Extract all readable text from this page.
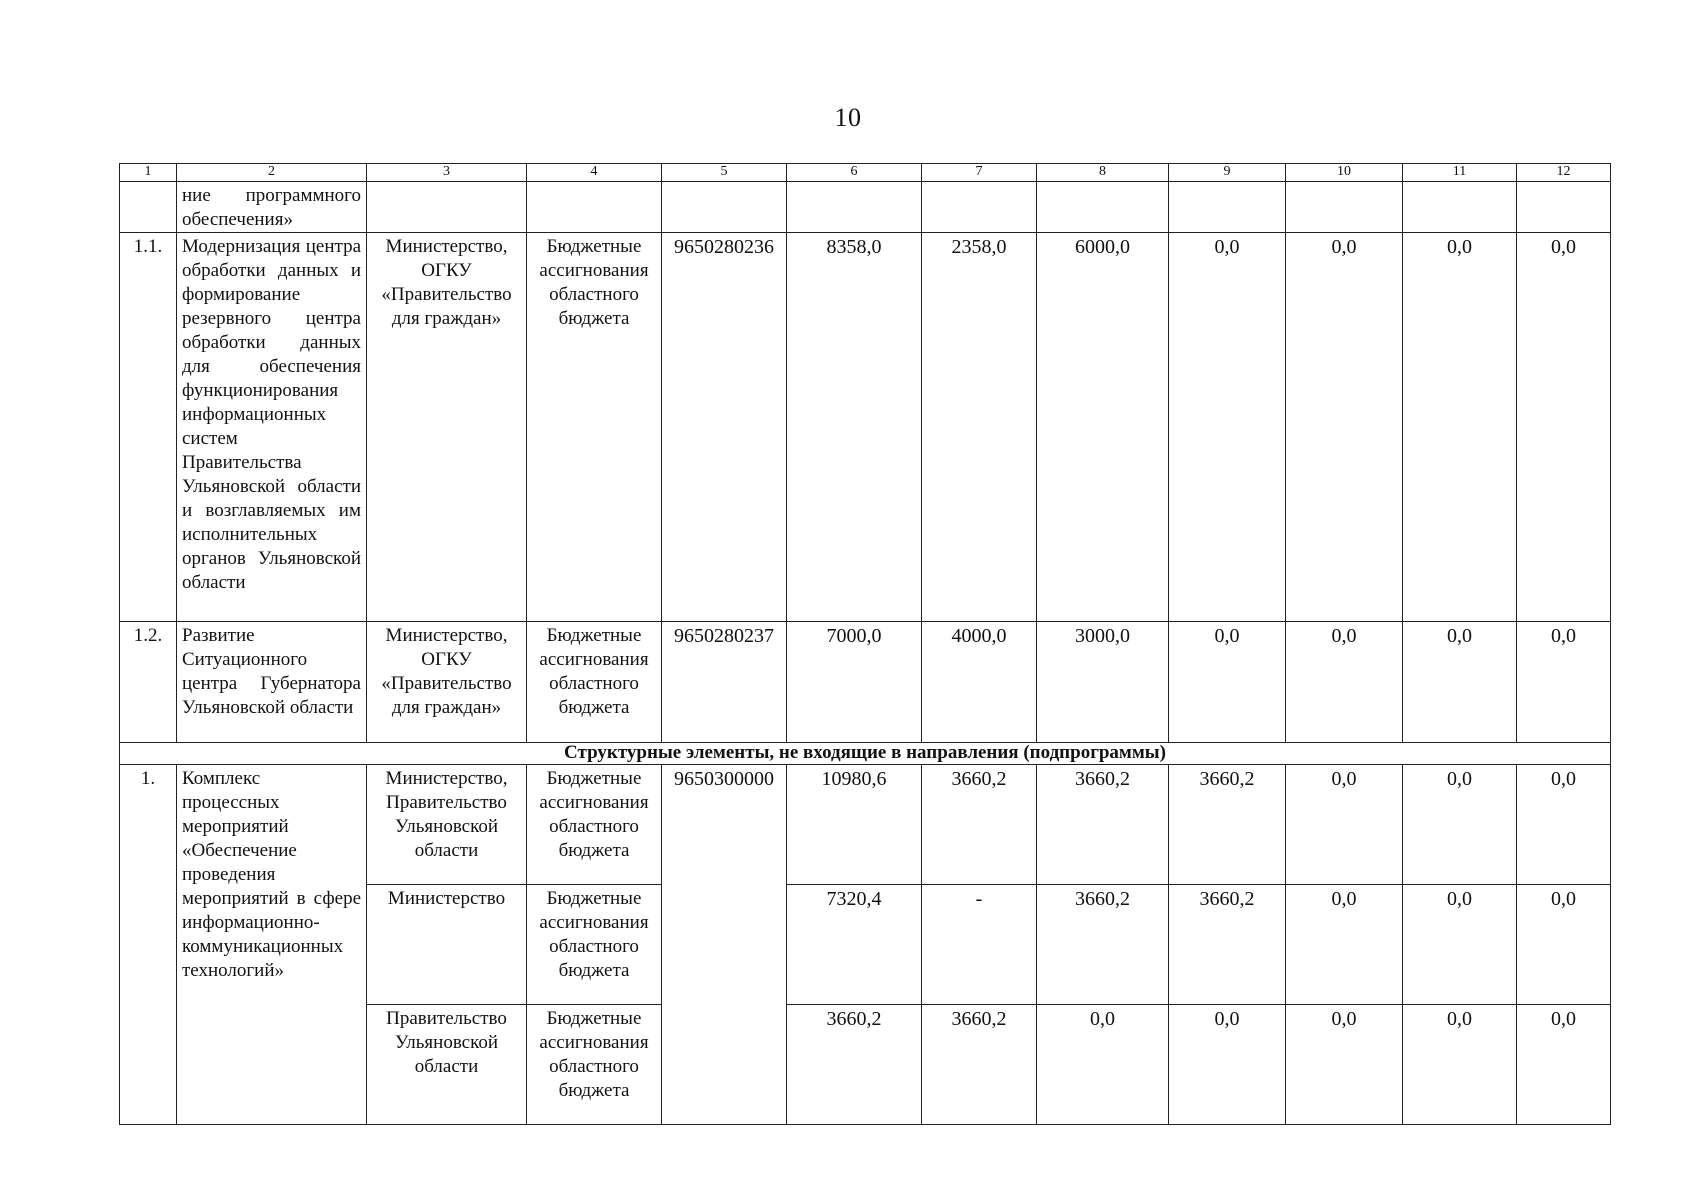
10
1	2	3	4	5	6	7	8	9	10	11	12
	ние программного обеспечения»										
1.1.	Модернизация центра обработки данных и формирование резервного центра обработки данных для обеспечения функционирования информационных систем Правительства Ульяновской области и возглавляемых им исполнительных органов Ульяновской области	Министерство, ОГКУ «Правительство для граждан»	Бюджетные ассигнования областного бюджета	9650280236	8358,0	2358,0	6000,0	0,0	0,0	0,0	0,0
1.2.	Развитие Ситуационного центра Губернатора Ульяновской области	Министерство, ОГКУ «Правительство для граждан»	Бюджетные ассигнования областного бюджета	9650280237	7000,0	4000,0	3000,0	0,0	0,0	0,0	0,0
Структурные элементы, не входящие в направления (подпрограммы)											
1.	Комплекс процессных мероприятий «Обеспечение проведения мероприятий в сфере информационно-коммуникационных технологий»	Министерство, Правительство Ульяновской области	Бюджетные ассигнования областного бюджета	9650300000	10980,6	3660,2	3660,2	3660,2	0,0	0,0	0,0
		Министерство	Бюджетные ассигнования областного бюджета		7320,4	-	3660,2	3660,2	0,0	0,0	0,0
		Правительство Ульяновской области	Бюджетные ассигнования областного бюджета		3660,2	3660,2	0,0	0,0	0,0	0,0	0,0
